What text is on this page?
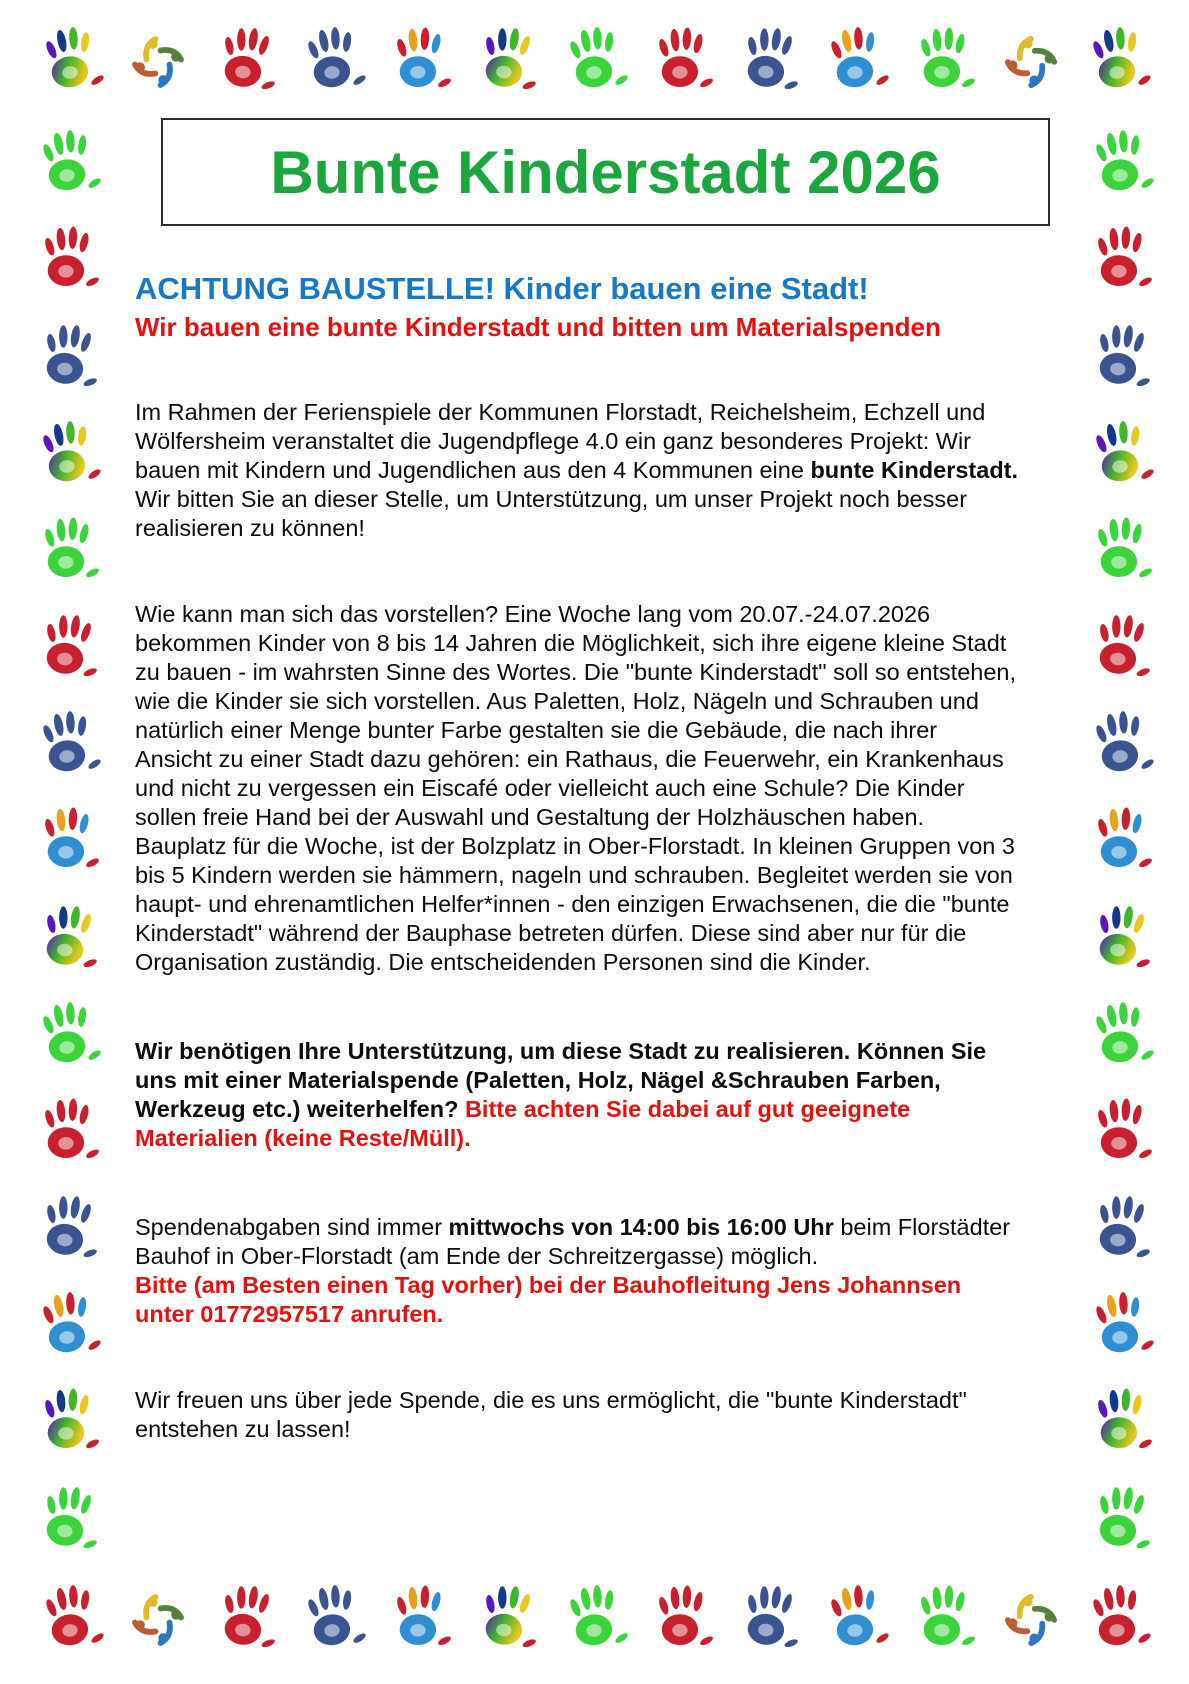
Bunte Kinderstadt 2026
ACHTUNG BAUSTELLE! Kinder bauen eine Stadt!
Wir bauen eine bunte Kinderstadt und bitten um Materialspenden

Im Rahmen der Ferienspiele der Kommunen Florstadt, Reichelsheim, Echzell und Wölfersheim veranstaltet die Jugendpflege 4.0 ein ganz besonderes Projekt: Wir bauen mit Kindern und Jugendlichen aus den 4 Kommunen eine bunte Kinderstadt. Wir bitten Sie an dieser Stelle, um Unterstützung, um unser Projekt noch besser realisieren zu können!

Wie kann man sich das vorstellen? Eine Woche lang vom 20.07.-24.07.2026 bekommen Kinder von 8 bis 14 Jahren die Möglichkeit, sich ihre eigene kleine Stadt zu bauen - im wahrsten Sinne des Wortes. Die "bunte Kinderstadt" soll so entstehen, wie die Kinder sie sich vorstellen. Aus Paletten, Holz, Nägeln und Schrauben und natürlich einer Menge bunter Farbe gestalten sie die Gebäude, die nach ihrer Ansicht zu einer Stadt dazu gehören: ein Rathaus, die Feuerwehr, ein Krankenhaus und nicht zu vergessen ein Eiscafé oder vielleicht auch eine Schule? Die Kinder sollen freie Hand bei der Auswahl und Gestaltung der Holzhäuschen haben. Bauplatz für die Woche, ist der Bolzplatz in Ober-Florstadt. In kleinen Gruppen von 3 bis 5 Kindern werden sie hämmern, nageln und schrauben. Begleitet werden sie von haupt- und ehrenamtlichen Helfer*innen - den einzigen Erwachsenen, die die "bunte Kinderstadt" während der Bauphase betreten dürfen. Diese sind aber nur für die Organisation zuständig. Die entscheidenden Personen sind die Kinder.

Wir benötigen Ihre Unterstützung, um diese Stadt zu realisieren. Können Sie uns mit einer Materialspende (Paletten, Holz, Nägel &Schrauben Farben, Werkzeug etc.) weiterhelfen? Bitte achten Sie dabei auf gut geeignete Materialien (keine Reste/Müll).

Spendenabgaben sind immer mittwochs von 14:00 bis 16:00 Uhr beim Florstädter Bauhof in Ober-Florstadt (am Ende der Schreitzergasse) möglich.
Bitte (am Besten einen Tag vorher) bei der Bauhofleitung Jens Johannsen unter 01772957517 anrufen.

Wir freuen uns über jede Spende, die es uns ermöglicht, die "bunte Kinderstadt" entstehen zu lassen!
